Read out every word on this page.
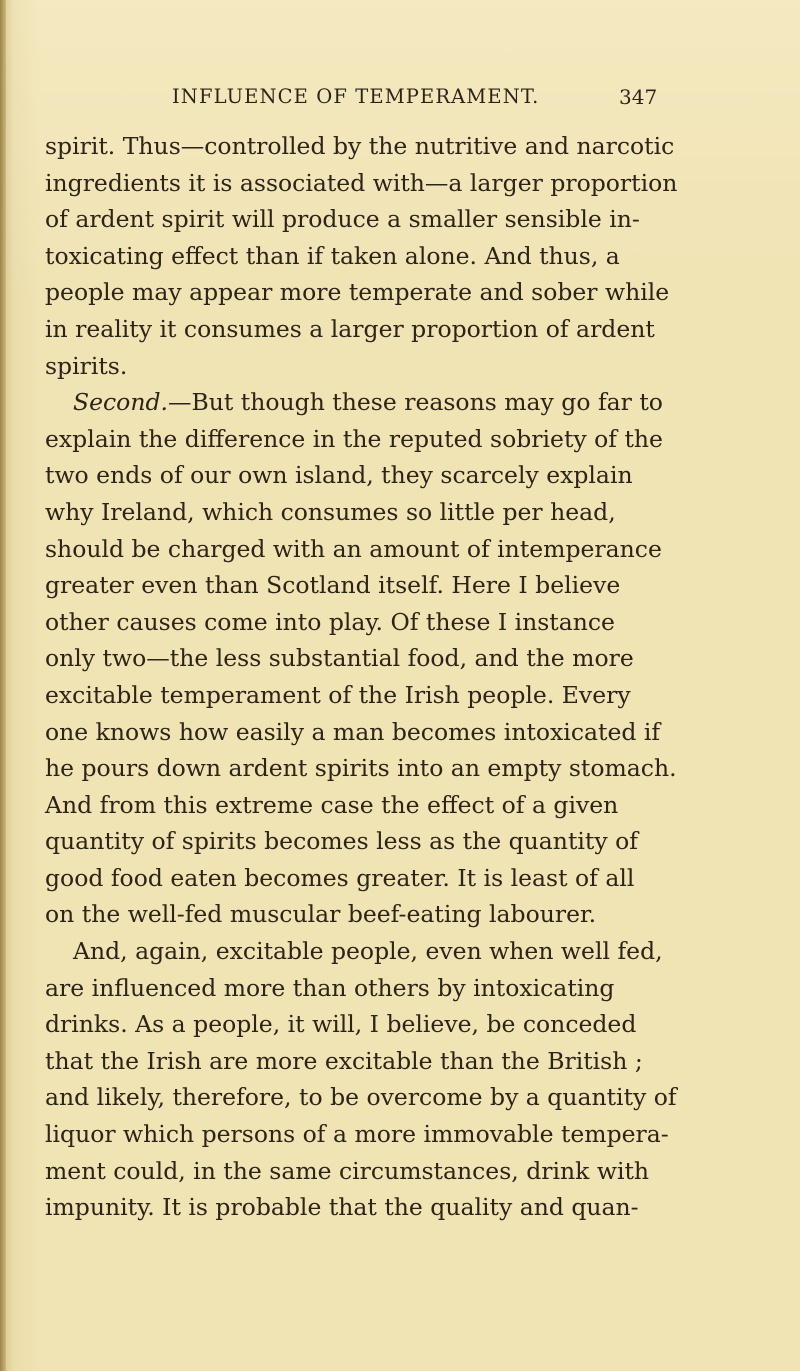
INFLUENCE OF TEMPERAMENT.	347
spirit. Thus—controlled by the nutritive and narcotic
ingredients it is associated with—a larger proportion
of ardent spirit will produce a smaller sensible in-
toxicating effect than if taken alone. And thus, a
people may appear more temperate and sober while
in reality it consumes a larger proportion of ardent
spirits.
Second.—But though these reasons may go far to
explain the difference in the reputed sobriety of the
two ends of our own island, they scarcely explain
why Ireland, which consumes so little per head,
should be charged with an amount of intemperance
greater even than Scotland itself. Here I believe
other causes come into play. Of these I instance
only two—the less substantial food, and the more
excitable temperament of the Irish people. Every
one knows how easily a man becomes intoxicated if
he pours down ardent spirits into an empty stomach.
And from this extreme case the effect of a given
quantity of spirits becomes less as the quantity of
good food eaten becomes greater. It is least of all
on the well-fed muscular beef-eating labourer.
And, again, excitable people, even when well fed,
are influenced more than others by intoxicating
drinks. As a people, it will, I believe, be conceded
that the Irish are more excitable than the British ;
and likely, therefore, to be overcome by a quantity of
liquor which persons of a more immovable tempera-
ment could, in the same circumstances, drink with
impunity. It is probable that the quality and quan-
